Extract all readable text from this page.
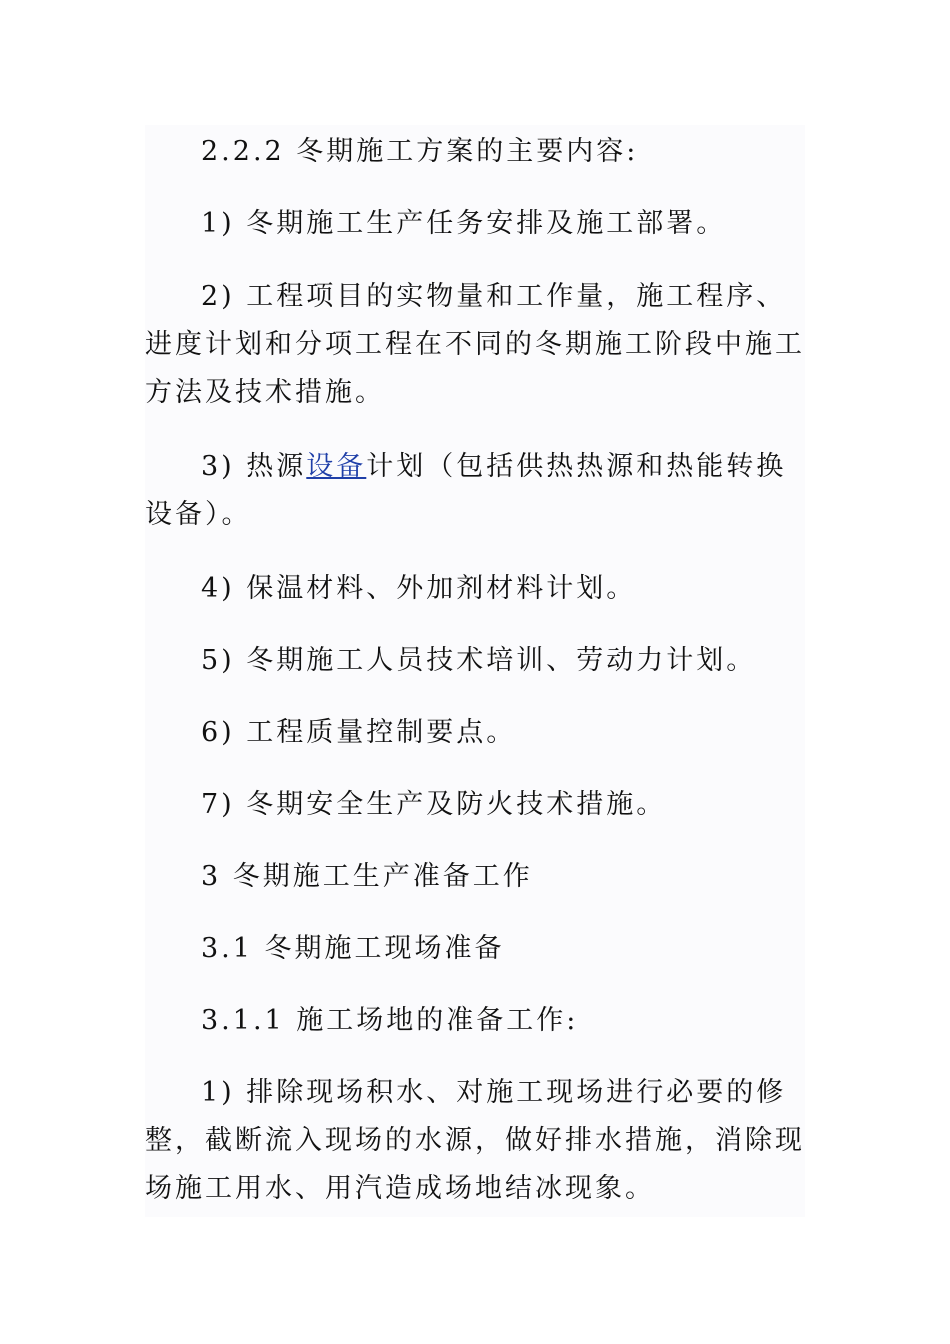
2.2.2 冬期施工方案的主要内容:

1) 冬期施工生产任务安排及施工部署。

2) 工程项目的实物量和工作量，施工程序、进度计划和分项工程在不同的冬期施工阶段中施工方法及技术措施。

3) 热源设备计划（包括供热热源和热能转换设备）。

4) 保温材料、外加剂材料计划。

5) 冬期施工人员技术培训、劳动力计划。

6) 工程质量控制要点。

7) 冬期安全生产及防火技术措施。

3 冬期施工生产准备工作

3.1 冬期施工现场准备

3.1.1 施工场地的准备工作:

1) 排除现场积水、对施工现场进行必要的修整，截断流入现场的水源，做好排水措施，消除现场施工用水、用汽造成场地结冰现象。
